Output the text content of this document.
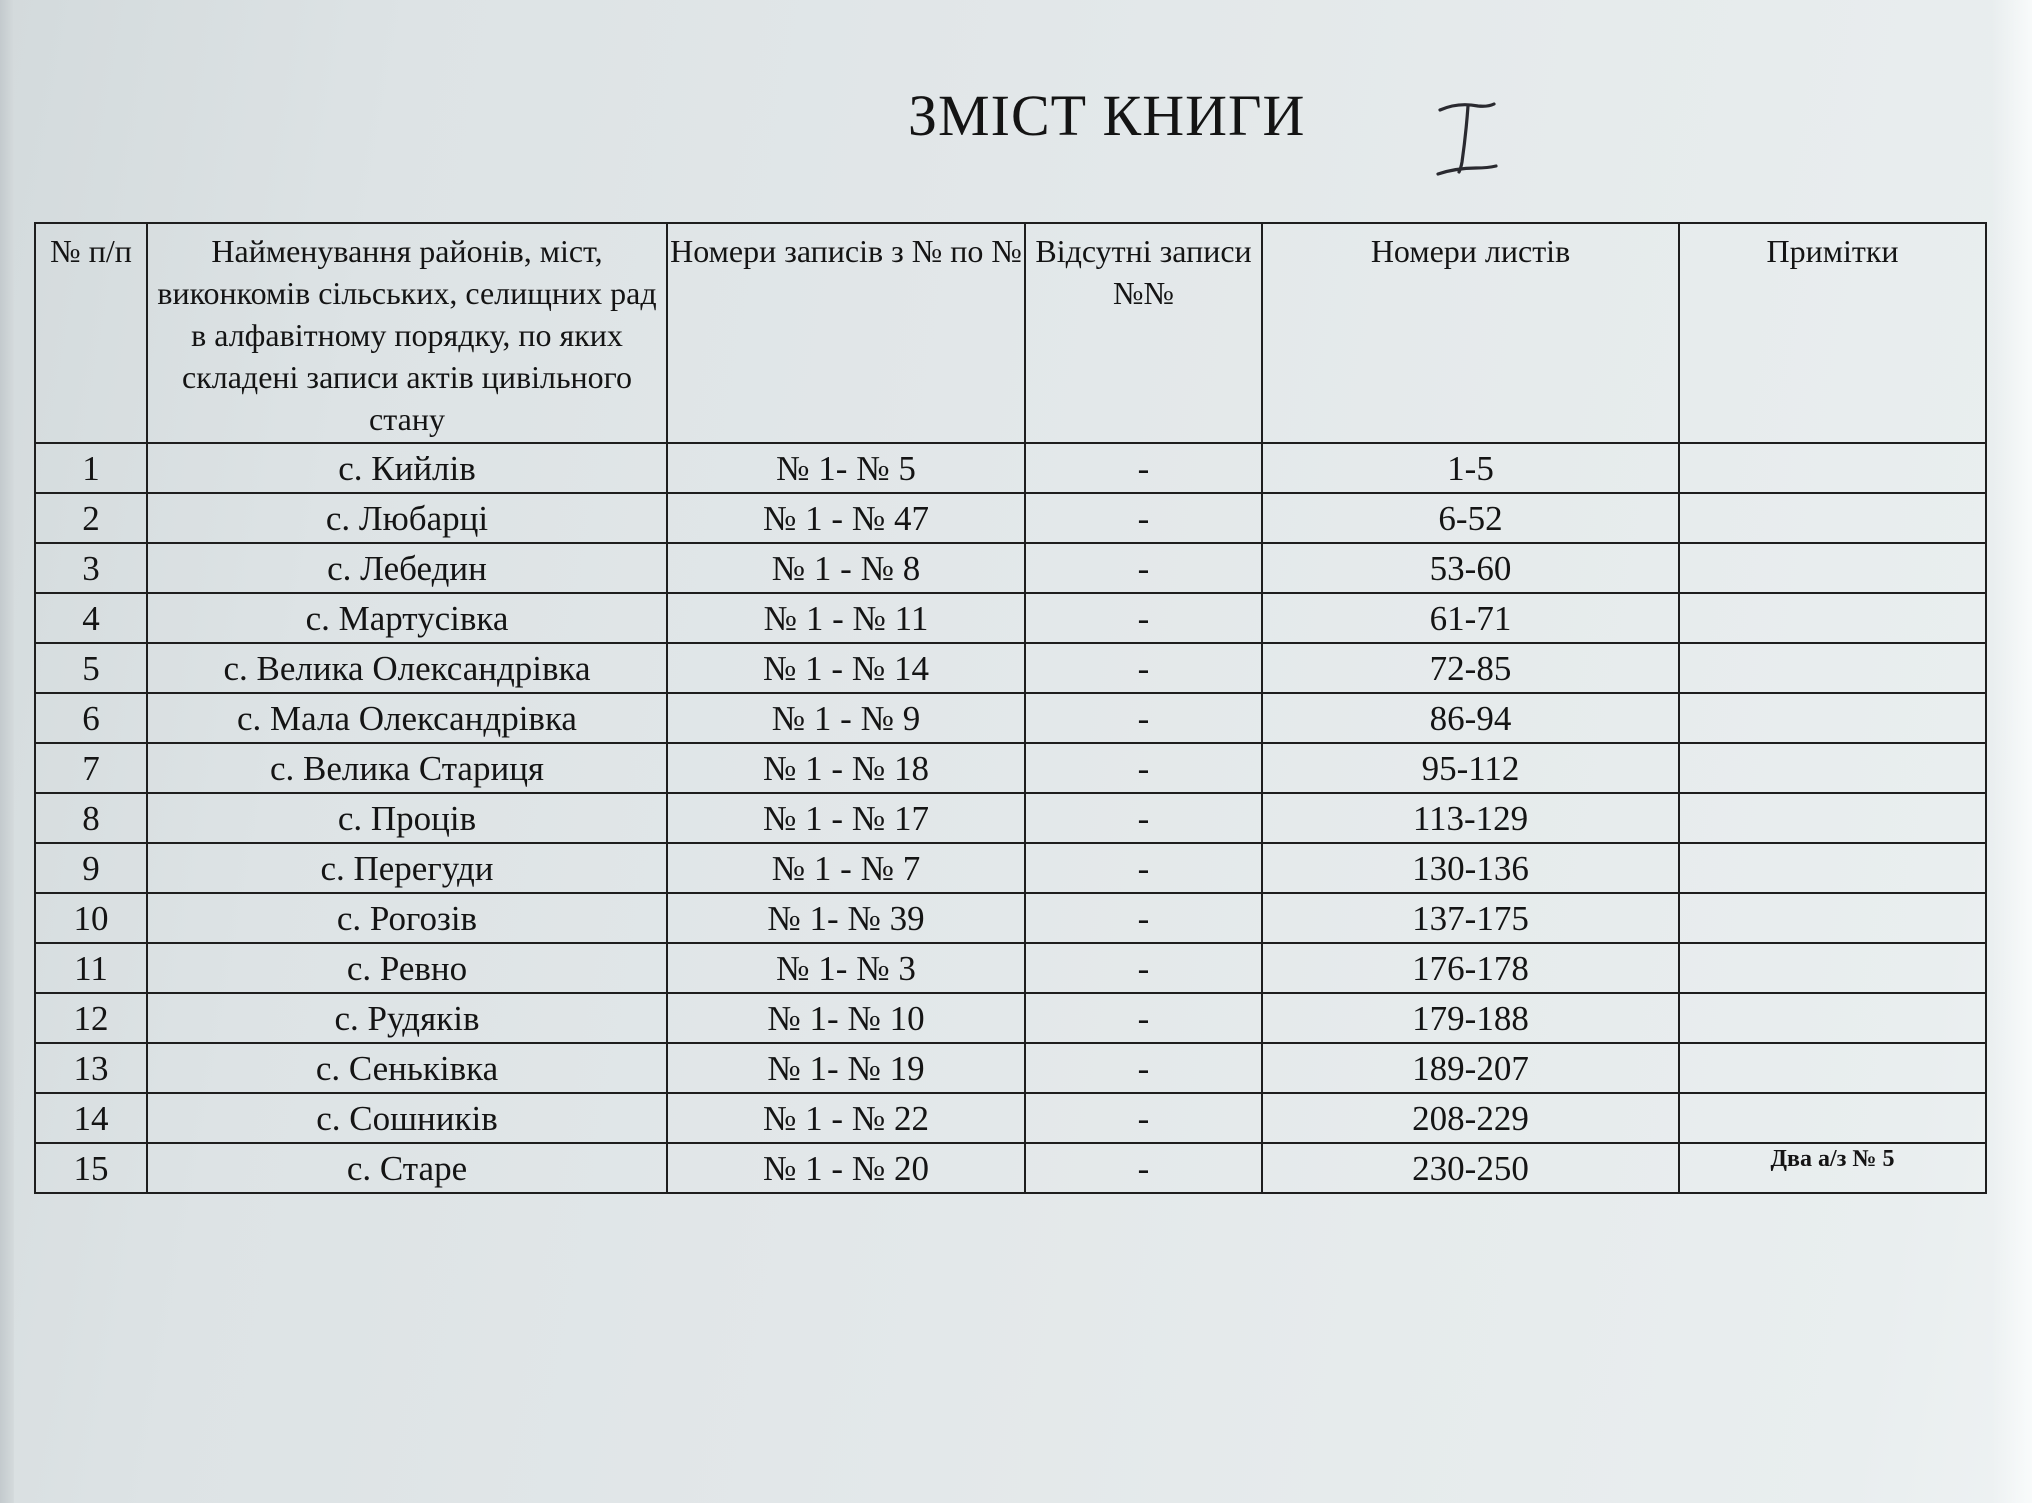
ЗМІСТ КНИГИ
№ п/п	Найменування районів, міст, виконкомів сільських, селищних рад в алфавітному порядку, по яких складені записи актів цивільного стану	Номери записів з № по №	Відсутні записи №№	Номери листів	Примітки
1	с. Кийлів	№ 1- № 5	-	1-5	
2	с. Любарці	№ 1 - № 47	-	6-52	
3	с. Лебедин	№ 1 - № 8	-	53-60	
4	с. Мартусівка	№ 1 - № 11	-	61-71	
5	с. Велика Олександрівка	№ 1 - № 14	-	72-85	
6	с. Мала Олександрівка	№ 1 - № 9	-	86-94	
7	с. Велика Стариця	№ 1 - № 18	-	95-112	
8	с. Проців	№ 1 - № 17	-	113-129	
9	с. Перегуди	№ 1 - № 7	-	130-136	
10	с. Рогозів	№ 1- № 39	-	137-175	
11	с. Ревно	№ 1- № 3	-	176-178	
12	с. Рудяків	№ 1- № 10	-	179-188	
13	с. Сеньківка	№ 1- № 19	-	189-207	
14	с. Сошників	№ 1 - № 22	-	208-229	
15	с. Старе	№ 1 - № 20	-	230-250	Два а/з № 5
